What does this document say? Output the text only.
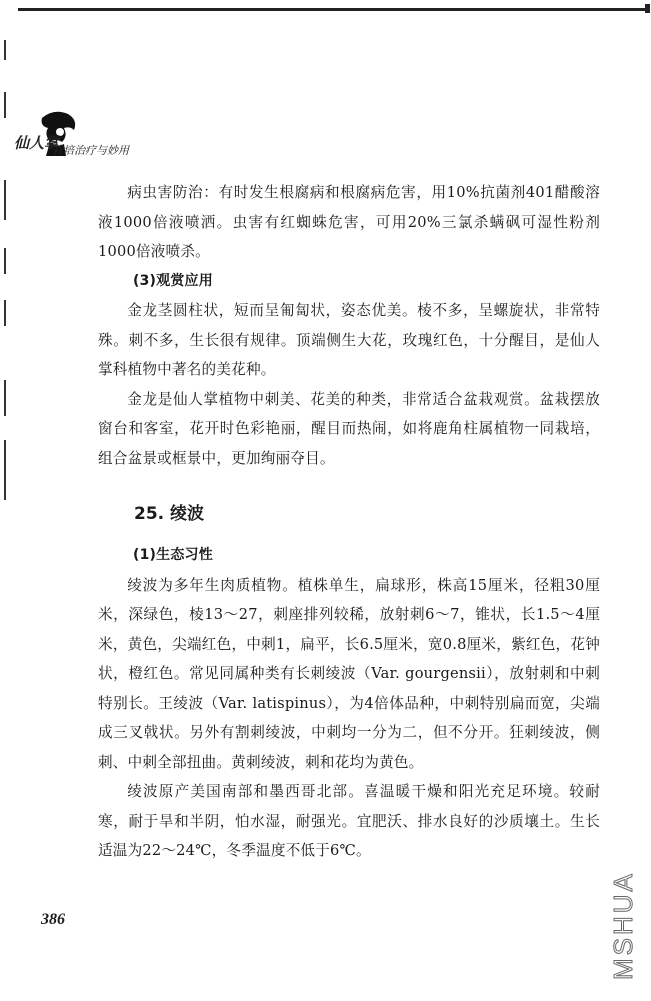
仙人掌
栽培治疗与妙用

病虫害防治：有时发生根腐病和根腐病危害，用10%抗菌剂401醋酸溶液1000倍液喷洒。虫害有红蜘蛛危害，可用20%三氯杀螨砜可湿性粉剂1000倍液喷杀。

(3)观赏应用

金龙茎圆柱状，短而呈匍匐状，姿态优美。棱不多，呈螺旋状，非常特殊。刺不多，生长很有规律。顶端侧生大花，玫瑰红色，十分醒目，是仙人掌科植物中著名的美花种。

金龙是仙人掌植物中刺美、花美的种类，非常适合盆栽观赏。盆栽摆放窗台和客室，花开时色彩艳丽，醒目而热闹，如将鹿角柱属植物一同栽培，组合盆景或框景中，更加绚丽夺目。

25. 绫波

(1)生态习性

绫波为多年生肉质植物。植株单生，扁球形，株高15厘米，径粗30厘米，深绿色，棱13～27，刺座排列较稀，放射刺6～7，锥状，长1.5～4厘米，黄色，尖端红色，中刺1，扁平，长6.5厘米，宽0.8厘米，紫红色，花钟状，橙红色。常见同属种类有长刺绫波（Var. gourgensii），放射刺和中刺特别长。王绫波（Var. latispinus），为4倍体品种，中刺特别扁而宽，尖端成三叉戟状。另外有割刺绫波，中刺均一分为二，但不分开。狂刺绫波，侧刺、中刺全部扭曲。黄刺绫波，刺和花均为黄色。

绫波原产美国南部和墨西哥北部。喜温暖干燥和阳光充足环境。较耐寒，耐于旱和半阴，怕水湿，耐强光。宜肥沃、排水良好的沙质壤土。生长适温为22～24℃，冬季温度不低于6℃。

386	MSHUA
